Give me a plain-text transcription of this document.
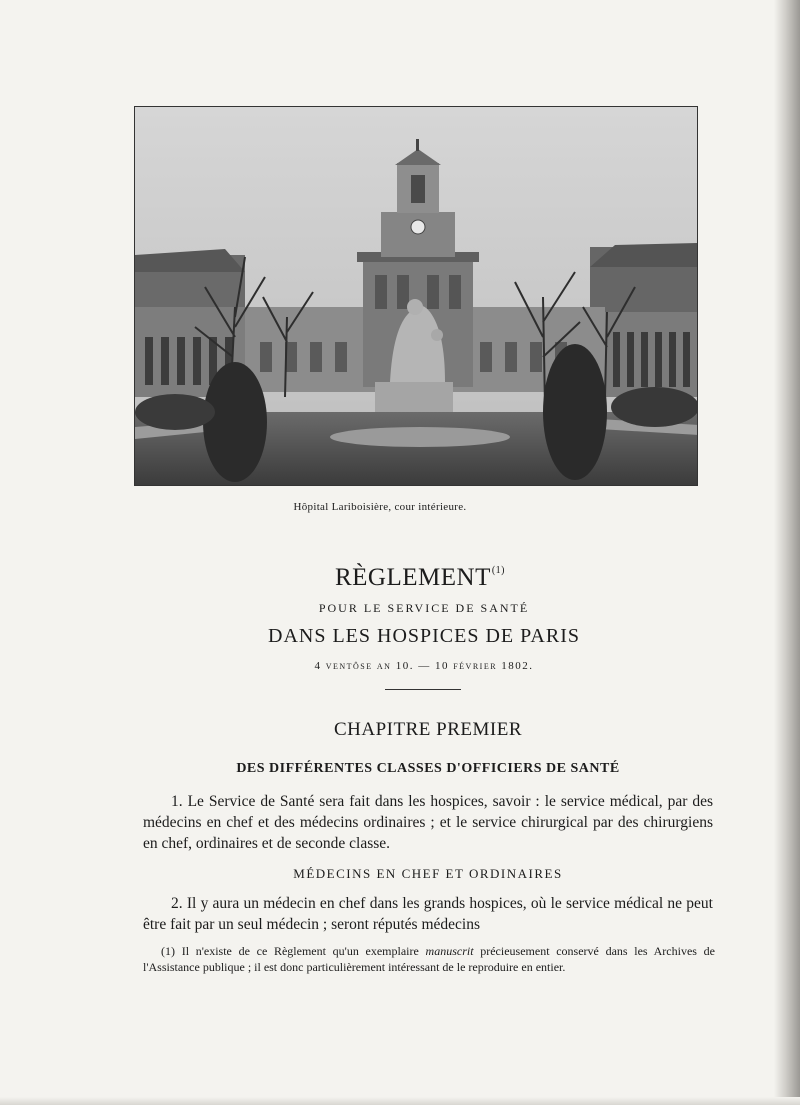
Hôpital Lariboisière, cour intérieure.
RÈGLEMENT$^{(1)}$
POUR LE SERVICE DE SANTÉ
DANS LES HOSPICES DE PARIS
4 ventôse an 10. — 10 février 1802.
CHAPITRE PREMIER
DES DIFFÉRENTES CLASSES D'OFFICIERS DE SANTÉ
1. Le Service de Santé sera fait dans les hospices, savoir : le service médical, par des médecins en chef et des médecins ordinaires ; et le service chirurgical par des chirurgiens en chef, ordinaires et de seconde classe.
MÉDECINS EN CHEF ET ORDINAIRES
2. Il y aura un médecin en chef dans les grands hospices, où le service médical ne peut être fait par un seul médecin ; seront réputés médecins
(1) Il n'existe de ce Règlement qu'un exemplaire manuscrit précieusement conservé dans les Archives de l'Assistance publique ; il est donc particulièrement intéressant de le reproduire en entier.
